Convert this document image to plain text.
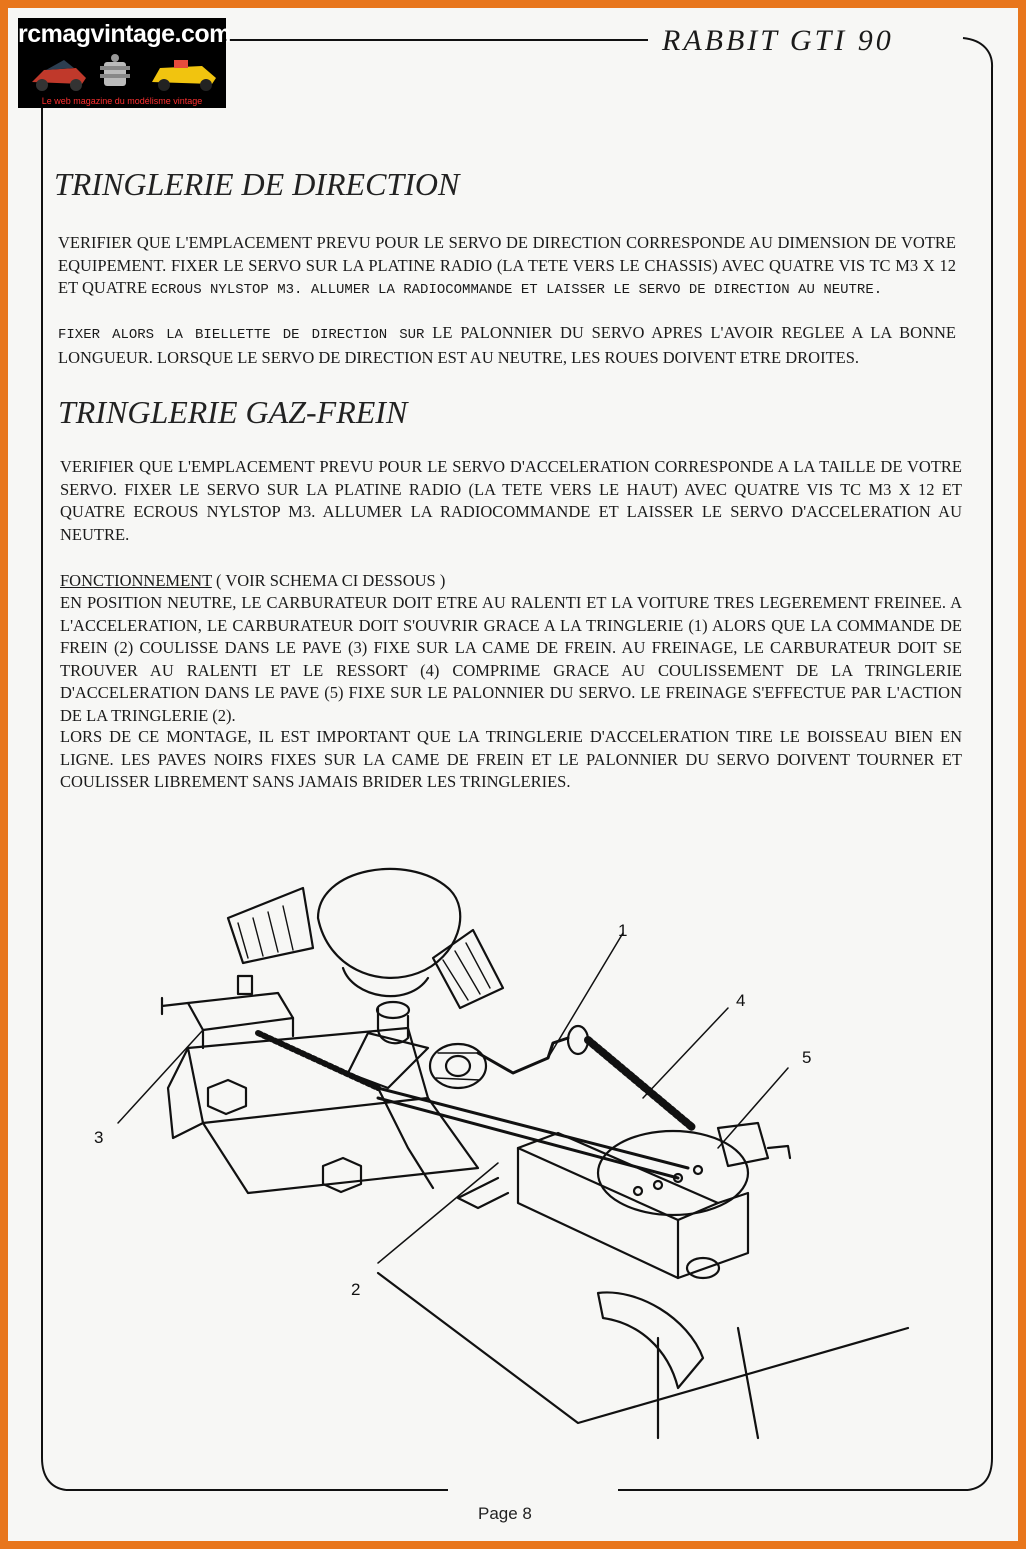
rcmagvintage.com
Le web magazine du modélisme vintage
RABBIT GTI 90
TRINGLERIE DE DIRECTION

VERIFIER QUE L'EMPLACEMENT PREVU POUR LE SERVO DE DIRECTION CORRESPONDE AU DIMENSION DE VOTRE EQUIPEMENT. FIXER LE SERVO SUR LA PLATINE RADIO (LA TETE VERS LE CHASSIS) AVEC QUATRE VIS TC M3 X 12 ET QUATRE ECROUS NYLSTOP M3. ALLUMER LA RADIOCOMMANDE ET LAISSER LE SERVO DE DIRECTION AU NEUTRE.

FIXER ALORS LA BIELLETTE DE DIRECTION SUR LE PALONNIER DU SERVO APRES L'AVOIR REGLEE A LA BONNE LONGUEUR. LORSQUE LE SERVO DE DIRECTION EST AU NEUTRE, LES ROUES DOIVENT ETRE DROITES.

TRINGLERIE GAZ-FREIN

VERIFIER QUE L'EMPLACEMENT PREVU POUR LE SERVO D'ACCELERATION CORRESPONDE A LA TAILLE DE VOTRE SERVO. FIXER LE SERVO SUR LA PLATINE RADIO (LA TETE VERS LE HAUT) AVEC QUATRE VIS TC M3 X 12 ET QUATRE ECROUS NYLSTOP M3. ALLUMER LA RADIOCOMMANDE ET LAISSER LE SERVO D'ACCELERATION AU NEUTRE.

FONCTIONNEMENT ( VOIR SCHEMA CI DESSOUS )

EN POSITION NEUTRE, LE CARBURATEUR DOIT ETRE AU RALENTI ET LA VOITURE TRES LEGEREMENT FREINEE. A L'ACCELERATION, LE CARBURATEUR DOIT S'OUVRIR GRACE A LA TRINGLERIE (1) ALORS QUE LA COMMANDE DE FREIN (2) COULISSE DANS LE PAVE (3) FIXE SUR LA CAME DE FREIN. AU FREINAGE, LE CARBURATEUR DOIT SE TROUVER AU RALENTI ET LE RESSORT (4) COMPRIME GRACE AU COULISSEMENT DE LA TRINGLERIE D'ACCELERATION DANS LE PAVE (5) FIXE SUR LE PALONNIER DU SERVO. LE FREINAGE S'EFFECTUE PAR L'ACTION DE LA TRINGLERIE (2).

LORS DE CE MONTAGE, IL EST IMPORTANT QUE LA TRINGLERIE D'ACCELERATION TIRE LE BOISSEAU BIEN EN LIGNE. LES PAVES NOIRS FIXES SUR LA CAME DE FREIN ET LE PALONNIER DU SERVO DOIVENT TOURNER ET COULISSER LIBREMENT SANS JAMAIS BRIDER LES TRINGLERIES.

1
2
3
4
5
Page 8
